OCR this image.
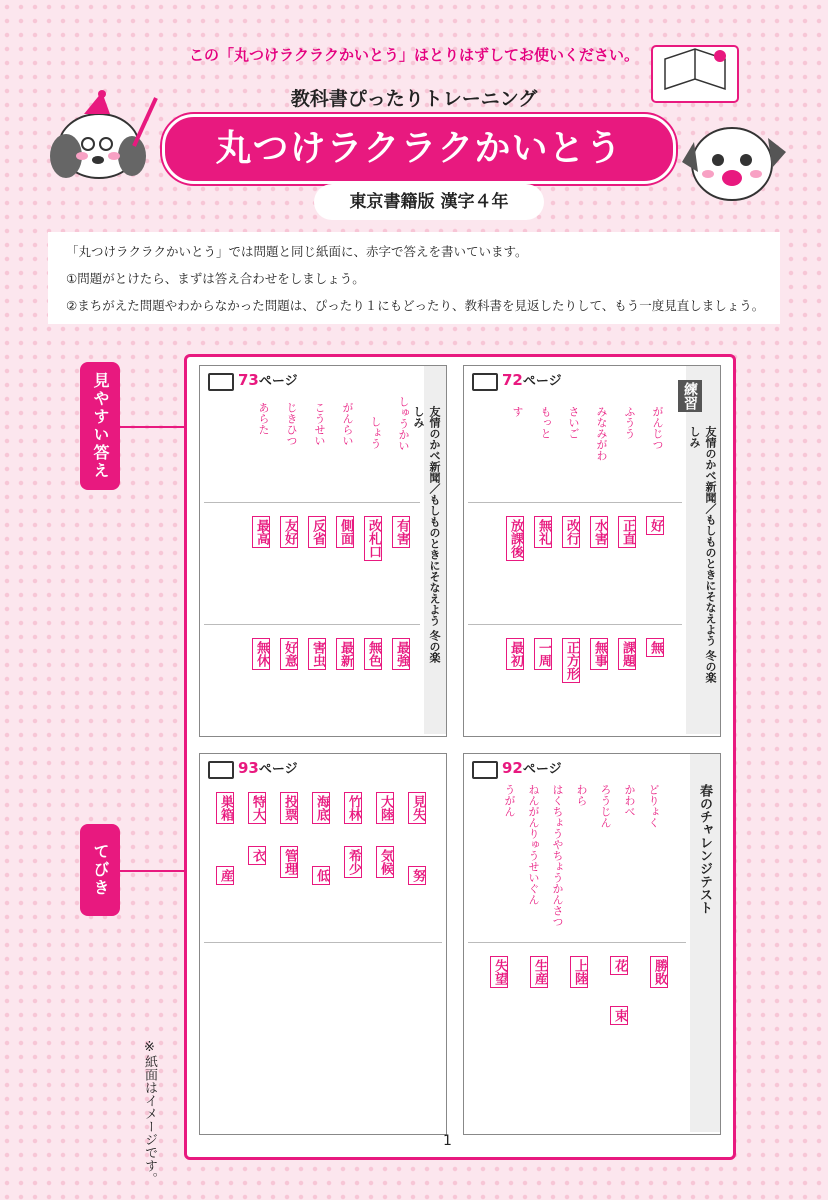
この「丸つけラクラクかいとう」はとりはずしてお使いください。
教科書ぴったりトレーニング
丸つけラクラクかいとう
東京書籍版 漢字４年

「丸つけラクラクかいとう」では問題と同じ紙面に、赤字で答えを書いています。

①問題がとけたら、まずは答え合わせをしましょう。

②まちがえた問題やわからなかった問題は、ぴったり１にもどったり、教科書を見返したりして、もう一度見直しましょう。

見やすい答え
てびき
73ページ
友情のかべ新聞／もしものときにそなえよう 冬の楽しみ
あらた じきひつ こうせい がんらい しょう しゅうかい
最高 友好 反省 側面 改札口 有害
無休 好意 害虫 最新 無色 最強
72ページ
練習
友情のかべ新聞／もしものときにそなえよう 冬の楽しみ
す もっと さいご みなみがわ ふうう がんじつ
放課後 無礼 改行 水害 正直 好
最初 一周 正方形 無事 課題 無
93ページ
見失
努
大陸
気候
竹林
希少
海底
低
投票
管理
特大
衣
巣箱
産
92ページ
春のチャレンジテスト
うがん ねんがんりゅうせいぐん はくちょうやちょうかんさつ わら ろうじん かわべ どりょく
勝敗
花
束
上陸
生産
失望
1
※紙面はイメージです。
